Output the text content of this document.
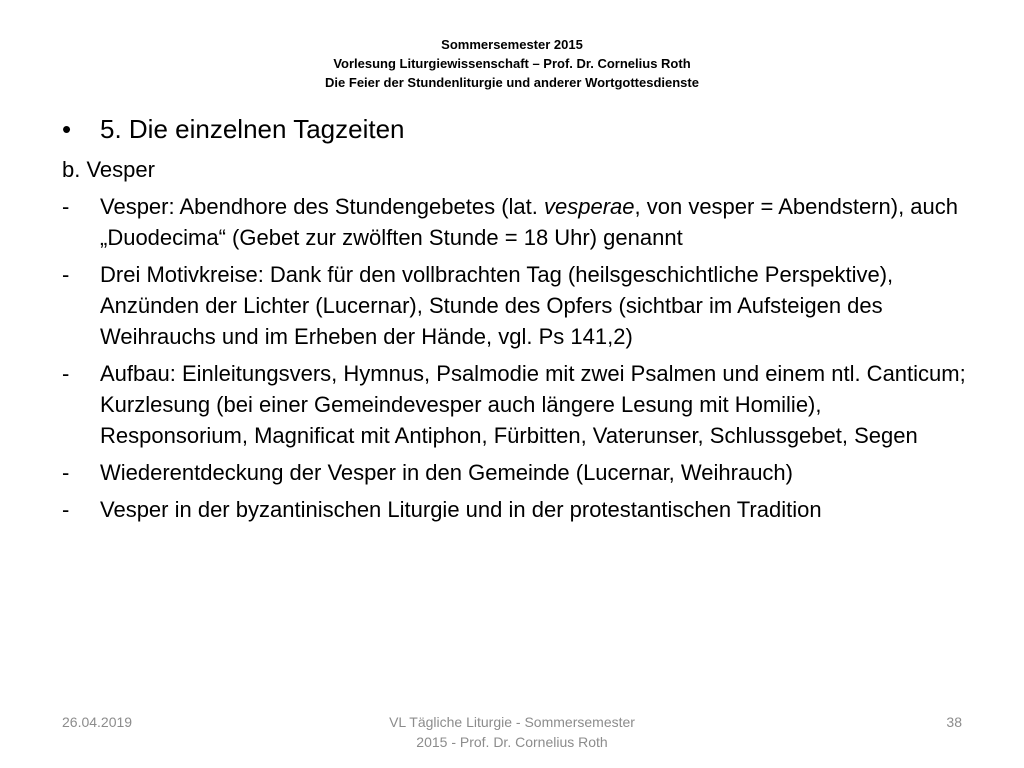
Sommersemester 2015
Vorlesung Liturgiewissenschaft – Prof. Dr. Cornelius Roth
Die Feier der Stundenliturgie und anderer Wortgottesdienste
• 5. Die einzelnen Tagzeiten
b. Vesper
- Vesper: Abendhore des Stundengebetes (lat. vesperae, von vesper = Abendstern), auch „Duodecima“ (Gebet zur zwölften Stunde = 18 Uhr) genannt
- Drei Motivkreise: Dank für den vollbrachten Tag (heilsgeschichtliche Perspektive), Anzünden der Lichter (Lucernar), Stunde des Opfers (sichtbar im Aufsteigen des Weihrauchs und im Erheben der Hände, vgl. Ps 141,2)
- Aufbau: Einleitungsvers, Hymnus, Psalmodie mit zwei Psalmen und einem ntl. Canticum; Kurzlesung (bei einer Gemeindevesper auch längere Lesung mit Homilie), Responsorium, Magnificat mit Antiphon, Fürbitten, Vaterunser, Schlussgebet, Segen
- Wiederentdeckung der Vesper in den Gemeinde (Lucernar, Weihrauch)
- Vesper in der byzantinischen Liturgie und in der protestantischen Tradition
26.04.2019	VL Tägliche Liturgie - Sommersemester
2015 - Prof. Dr. Cornelius Roth
38
